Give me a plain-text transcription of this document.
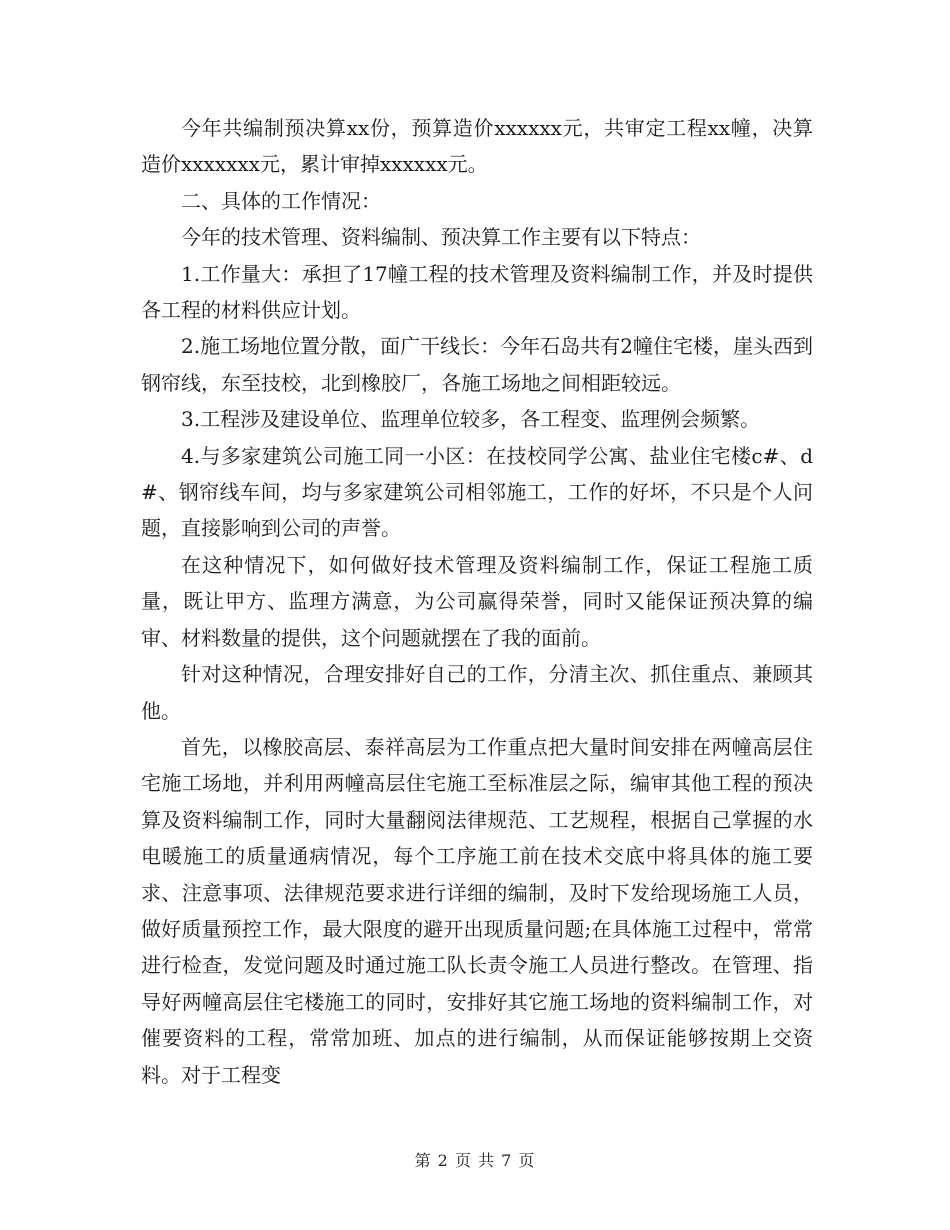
今年共编制预决算xx份，预算造价xxxxxx元，共审定工程xx幢，决算造价xxxxxxx元，累计审掉xxxxxx元。

二、具体的工作情况：

今年的技术管理、资料编制、预决算工作主要有以下特点：

1.工作量大：承担了17幢工程的技术管理及资料编制工作，并及时提供各工程的材料供应计划。

2.施工场地位置分散，面广干线长：今年石岛共有2幢住宅楼，崖头西到钢帘线，东至技校，北到橡胶厂，各施工场地之间相距较远。

3.工程涉及建设单位、监理单位较多，各工程变、监理例会频繁。

4.与多家建筑公司施工同一小区：在技校同学公寓、盐业住宅楼c#、d#、钢帘线车间，均与多家建筑公司相邻施工，工作的好坏，不只是个人问题，直接影响到公司的声誉。

在这种情况下，如何做好技术管理及资料编制工作，保证工程施工质量，既让甲方、监理方满意，为公司赢得荣誉，同时又能保证预决算的编审、材料数量的提供，这个问题就摆在了我的面前。

针对这种情况，合理安排好自己的工作，分清主次、抓住重点、兼顾其他。

首先，以橡胶高层、泰祥高层为工作重点把大量时间安排在两幢高层住宅施工场地，并利用两幢高层住宅施工至标准层之际，编审其他工程的预决算及资料编制工作，同时大量翻阅法律规范、工艺规程，根据自己掌握的水电暖施工的质量通病情况，每个工序施工前在技术交底中将具体的施工要求、注意事项、法律规范要求进行详细的编制，及时下发给现场施工人员，做好质量预控工作，最大限度的避开出现质量问题;在具体施工过程中，常常进行检查，发觉问题及时通过施工队长责令施工人员进行整改。在管理、指导好两幢高层住宅楼施工的同时，安排好其它施工场地的资料编制工作，对催要资料的工程，常常加班、加点的进行编制，从而保证能够按期上交资料。对于工程变

第 2 页 共 7 页
